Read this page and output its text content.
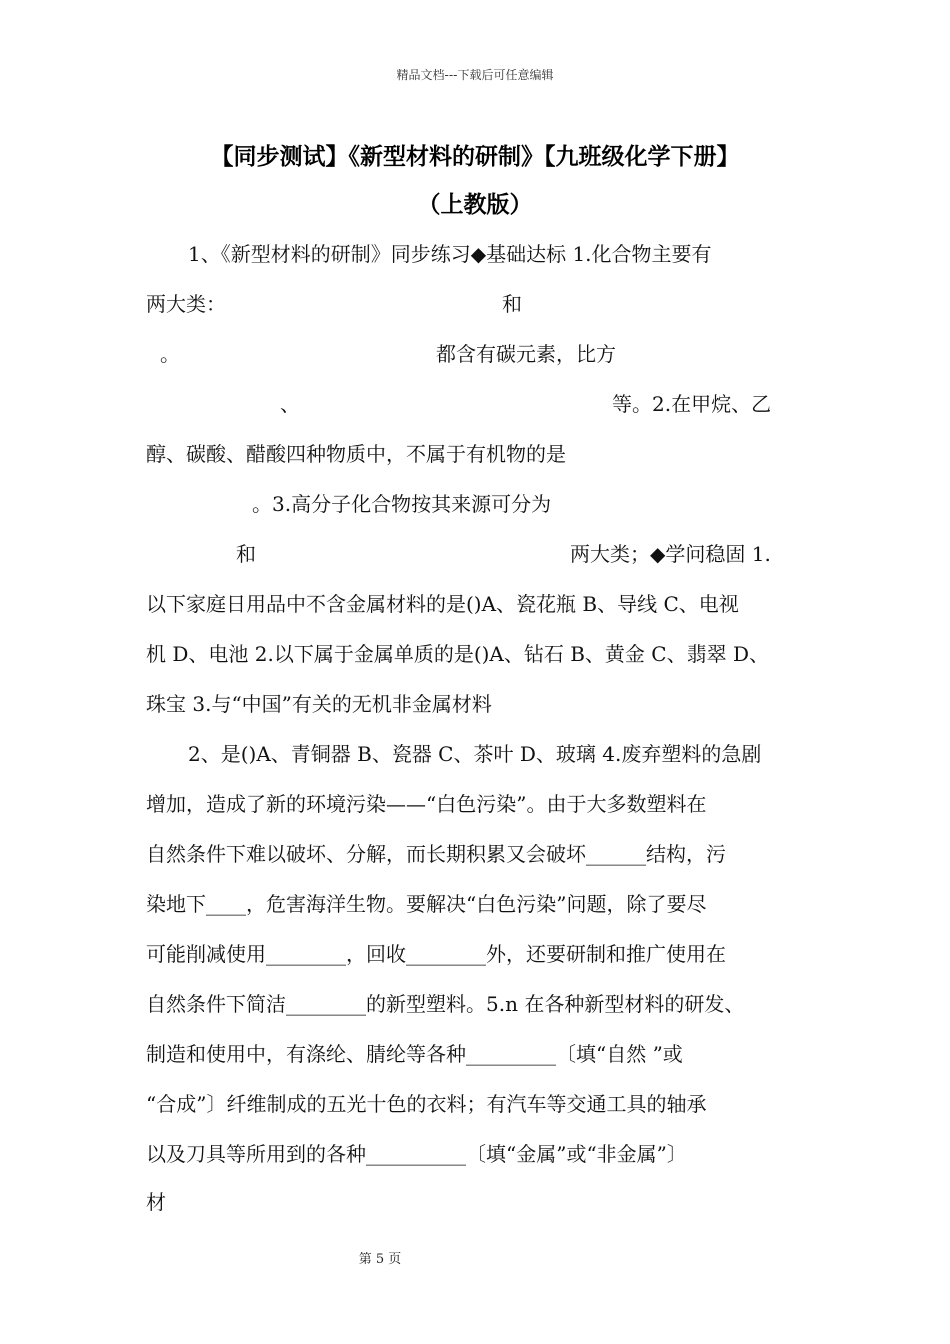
精品文档---下载后可任意编辑
【同步测试】《新型材料的研制》【九班级化学下册】
（上教版）

1、《新型材料的研制》同步练习◆基础达标 1.化合物主要有

两大类：

	和

。

	都含有碳元素，比方

、

	等。2.在甲烷、乙

醇、碳酸、醋酸四种物质中，不属于有机物的是

。3.高分子化合物按其来源可分为

和

	两大类；◆学问稳固 1.

以下家庭日用品中不含金属材料的是()A、瓷花瓶 B、导线 C、电视

机 D、电池 2.以下属于金属单质的是()A、钻石 B、黄金 C、翡翠 D、

珠宝 3.与“中国”有关的无机非金属材料

2、是()A、青铜器 B、瓷器 C、茶叶 D、玻璃 4.废弃塑料的急剧

增加，造成了新的环境污染——“白色污染”。由于大多数塑料在

自然条件下难以破坏、分解，而长期积累又会破坏______结构，污

染地下____，危害海洋生物。要解决“白色污染”问题，除了要尽

可能削减使用________，回收________外，还要研制和推广使用在

自然条件下简洁________的新型塑料。5.n 在各种新型材料的研发、

制造和使用中，有涤纶、腈纶等各种_________〔填“自然 ”或

“合成”〕纤维制成的五光十色的衣料；有汽车等交通工具的轴承

以及刀具等所用到的各种__________〔填“金属”或“非金属”〕

材

第 5 页
